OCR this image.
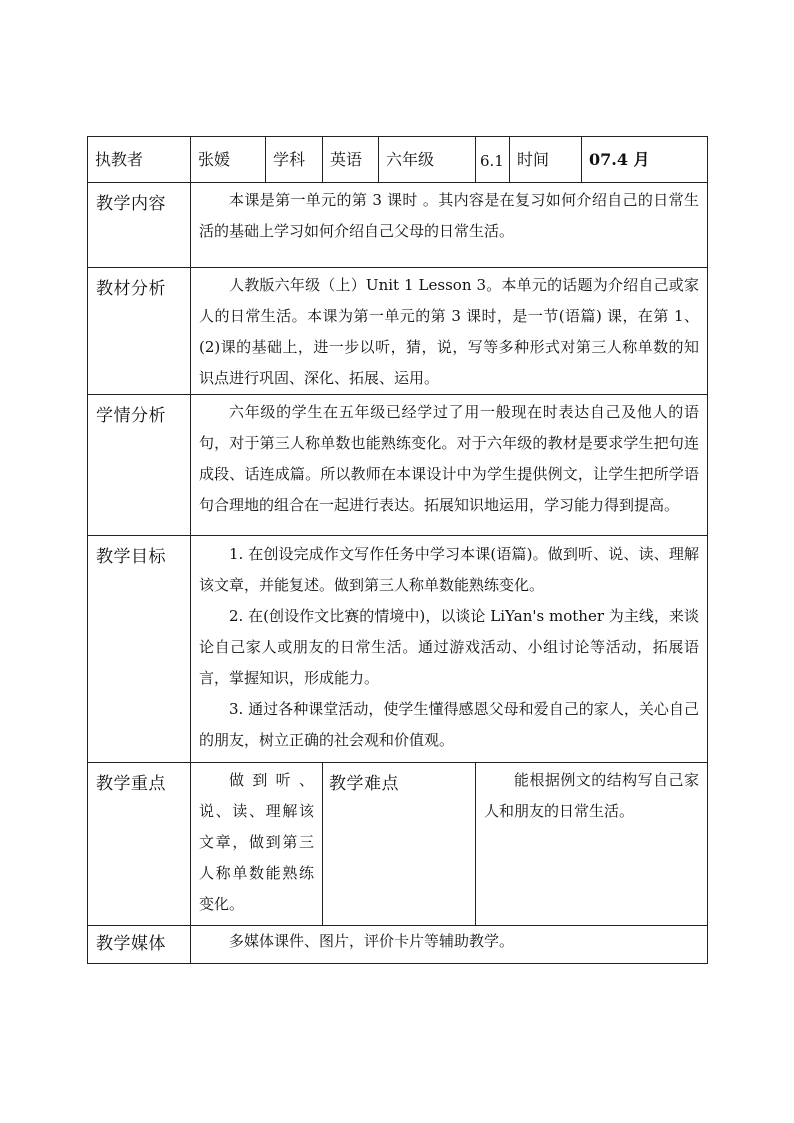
执教者	张媛	学科	英语	六年级	6.1	时间	07.4 月

教学内容	本课是第一单元的第 3 课时 。其内容是在复习如何介绍自己的日常生活的基础上学习如何介绍自己父母的日常生活。						

教材分析	人教版六年级（上）Unit 1 Lesson 3。本单元的话题为介绍自己或家人的日常生活。本课为第一单元的第 3 课时，是一节(语篇) 课，在第 1、(2)课的基础上，进一步以听，猜，说，写等多种形式对第三人称单数的知识点进行巩固、深化、拓展、运用。						

学情分析	六年级的学生在五年级已经学过了用一般现在时表达自己及他人的语句，对于第三人称单数也能熟练变化。对于六年级的教材是要求学生把句连成段、话连成篇。所以教师在本课设计中为学生提供例文，让学生把所学语句合理地的组合在一起进行表达。拓展知识地运用，学习能力得到提高。						

教学目标	1. 在创设完成作文写作任务中学习本课(语篇)。做到听、说、读、理解该文章，并能复述。做到第三人称单数能熟练变化。

2. 在(创设作文比赛的情境中)，以谈论 LiYan's mother 为主线，来谈论自己家人或朋友的日常生活。通过游戏活动、小组讨论等活动，拓展语言，掌握知识，形成能力。

3. 通过各种课堂活动，使学生懂得感恩父母和爱自己的家人，关心自己的朋友，树立正确的社会观和价值观。						

教学重点	做到听、说、读、理解该文章，做到第三人称单数能熟练变化。		教学难点		能根据例文的结构写自己家人和朋友的日常生活。		

教学媒体	多媒体课件、图片，评价卡片等辅助教学。						
